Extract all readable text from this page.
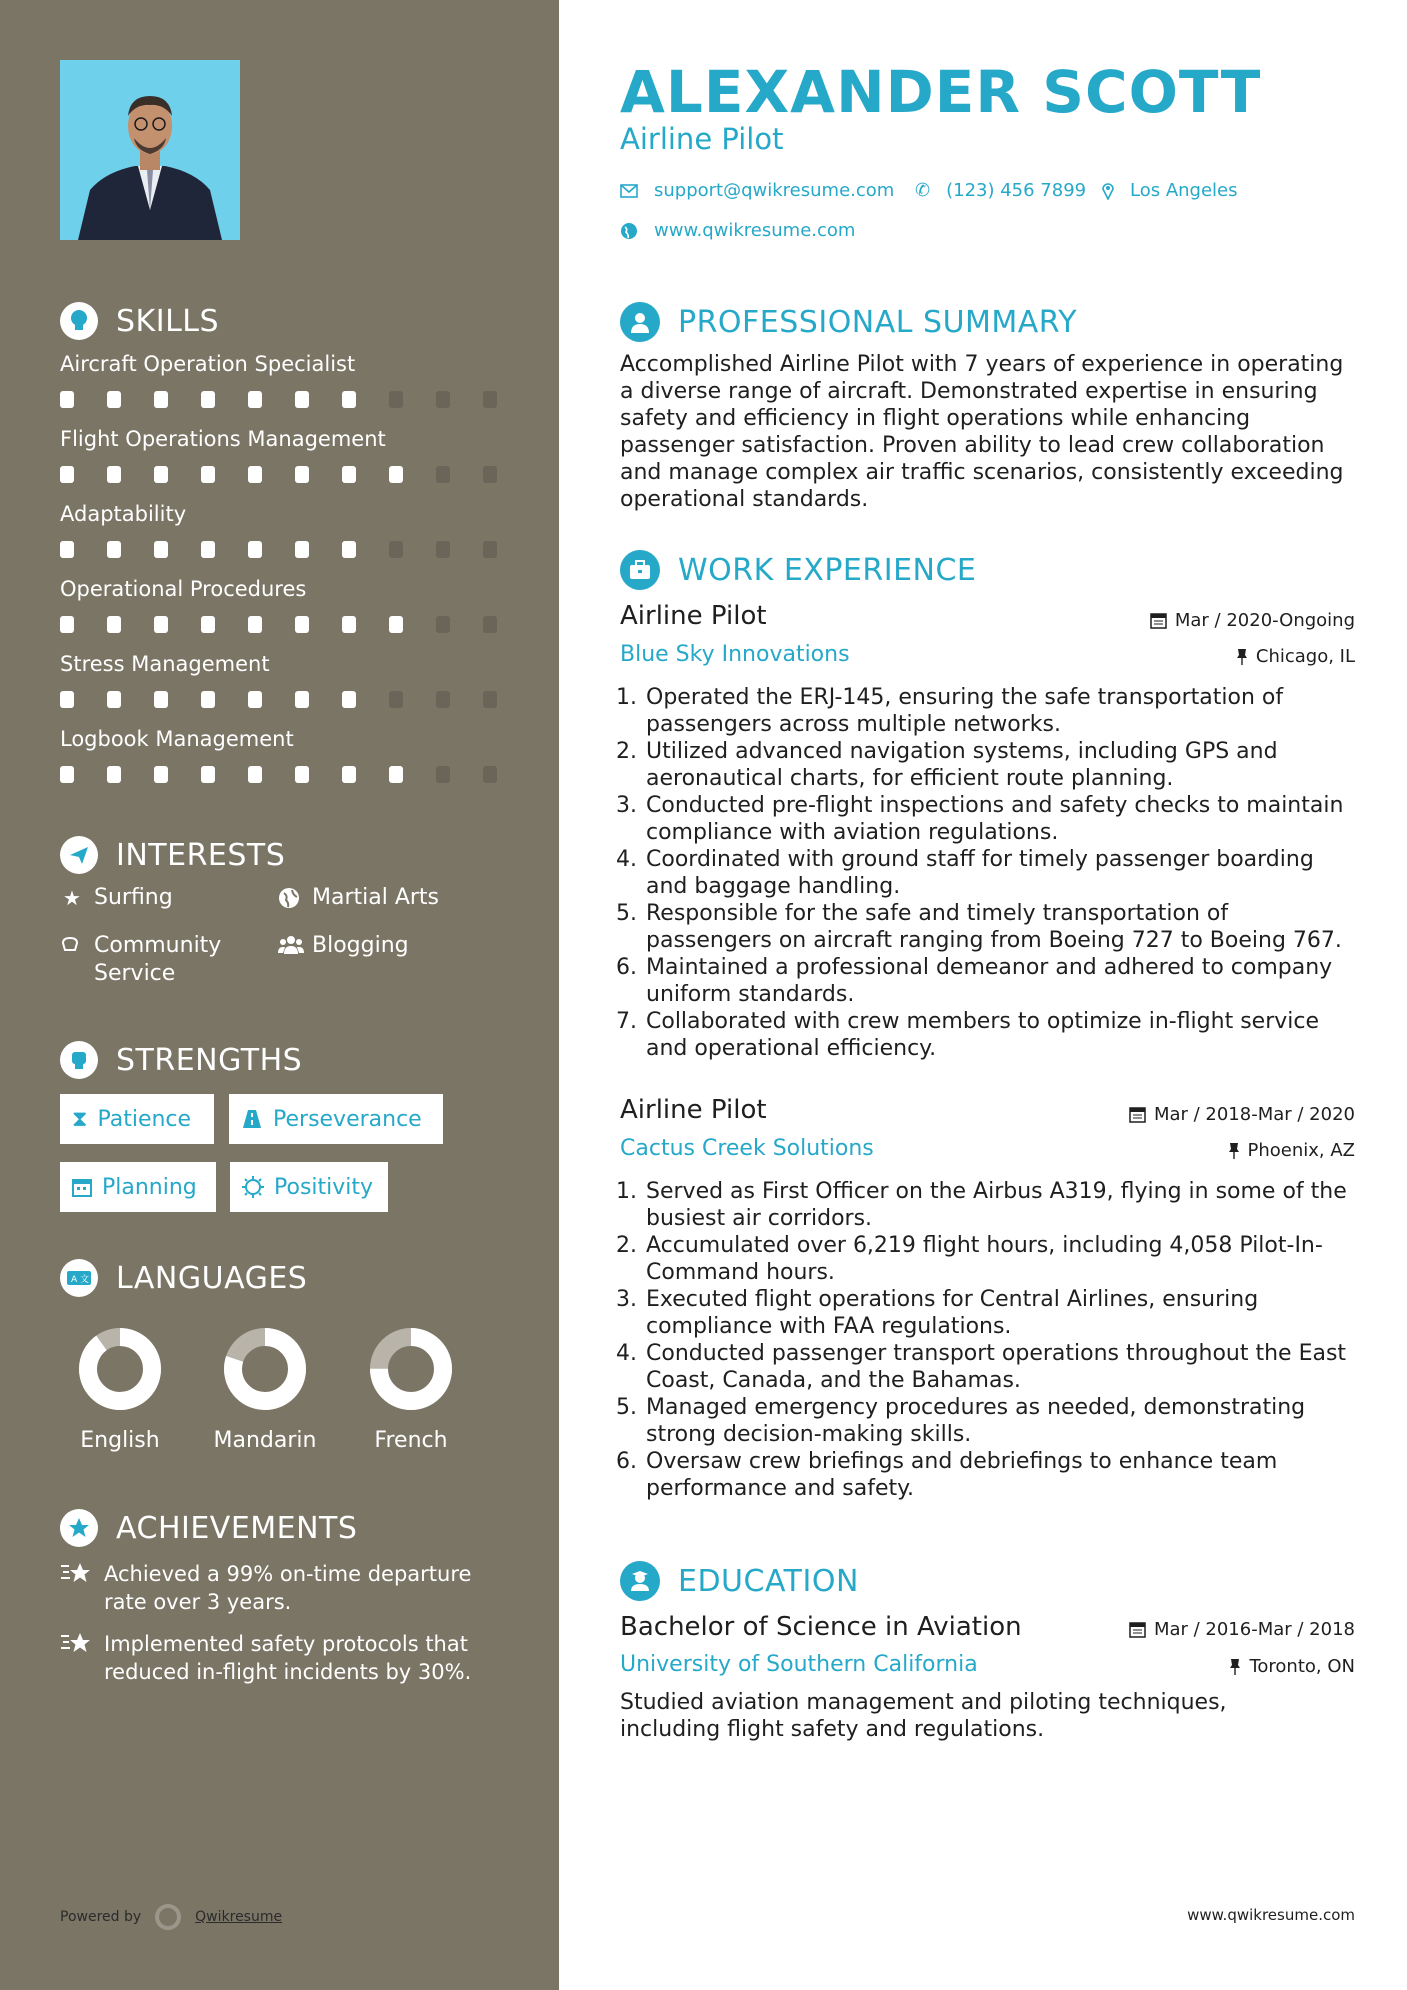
SKILLS
Aircraft Operation Specialist
Flight Operations Management
Adaptability
Operational Procedures
Stress Management
Logbook Management
INTERESTS
★ Surfing	Martial Arts
Community Service
Blogging
STRENGTHS
⧗ Patience	Perseverance
Planning	Positivity
A 文 LANGUAGES
English	Mandarin	French
ACHIEVEMENTS
Achieved a 99% on-time departure rate over 3 years.
Implemented safety protocols that reduced in-flight incidents by 30%.
Powered by	Qwikresume
ALEXANDER SCOTT
Airline Pilot
support@qwikresume.com ✆ (123) 456 7899 Los Angeles
www.qwikresume.com
PROFESSIONAL SUMMARY
Accomplished Airline Pilot with 7 years of experience in operating a diverse range of aircraft. Demonstrated expertise in ensuring safety and efficiency in flight operations while enhancing passenger satisfaction. Proven ability to lead crew collaboration and manage complex air traffic scenarios, consistently exceeding operational standards.
WORK EXPERIENCE
Airline Pilot	Mar / 2020-Ongoing
Blue Sky Innovations	Chicago, IL
1. Operated the ERJ-145, ensuring the safe transportation of passengers across multiple networks.
2. Utilized advanced navigation systems, including GPS and aeronautical charts, for efficient route planning.
3. Conducted pre-flight inspections and safety checks to maintain compliance with aviation regulations.
4. Coordinated with ground staff for timely passenger boarding and baggage handling.
5. Responsible for the safe and timely transportation of passengers on aircraft ranging from Boeing 727 to Boeing 767.
6. Maintained a professional demeanor and adhered to company uniform standards.
7. Collaborated with crew members to optimize in-flight service and operational efficiency.
Airline Pilot	Mar / 2018-Mar / 2020
Cactus Creek Solutions	Phoenix, AZ
1. Served as First Officer on the Airbus A319, flying in some of the busiest air corridors.
2. Accumulated over 6,219 flight hours, including 4,058 Pilot-In-Command hours.
3. Executed flight operations for Central Airlines, ensuring compliance with FAA regulations.
4. Conducted passenger transport operations throughout the East Coast, Canada, and the Bahamas.
5. Managed emergency procedures as needed, demonstrating strong decision-making skills.
6. Oversaw crew briefings and debriefings to enhance team performance and safety.
EDUCATION
Bachelor of Science in Aviation	Mar / 2016-Mar / 2018
University of Southern California	Toronto, ON
Studied aviation management and piloting techniques, including flight safety and regulations.
www.qwikresume.com
